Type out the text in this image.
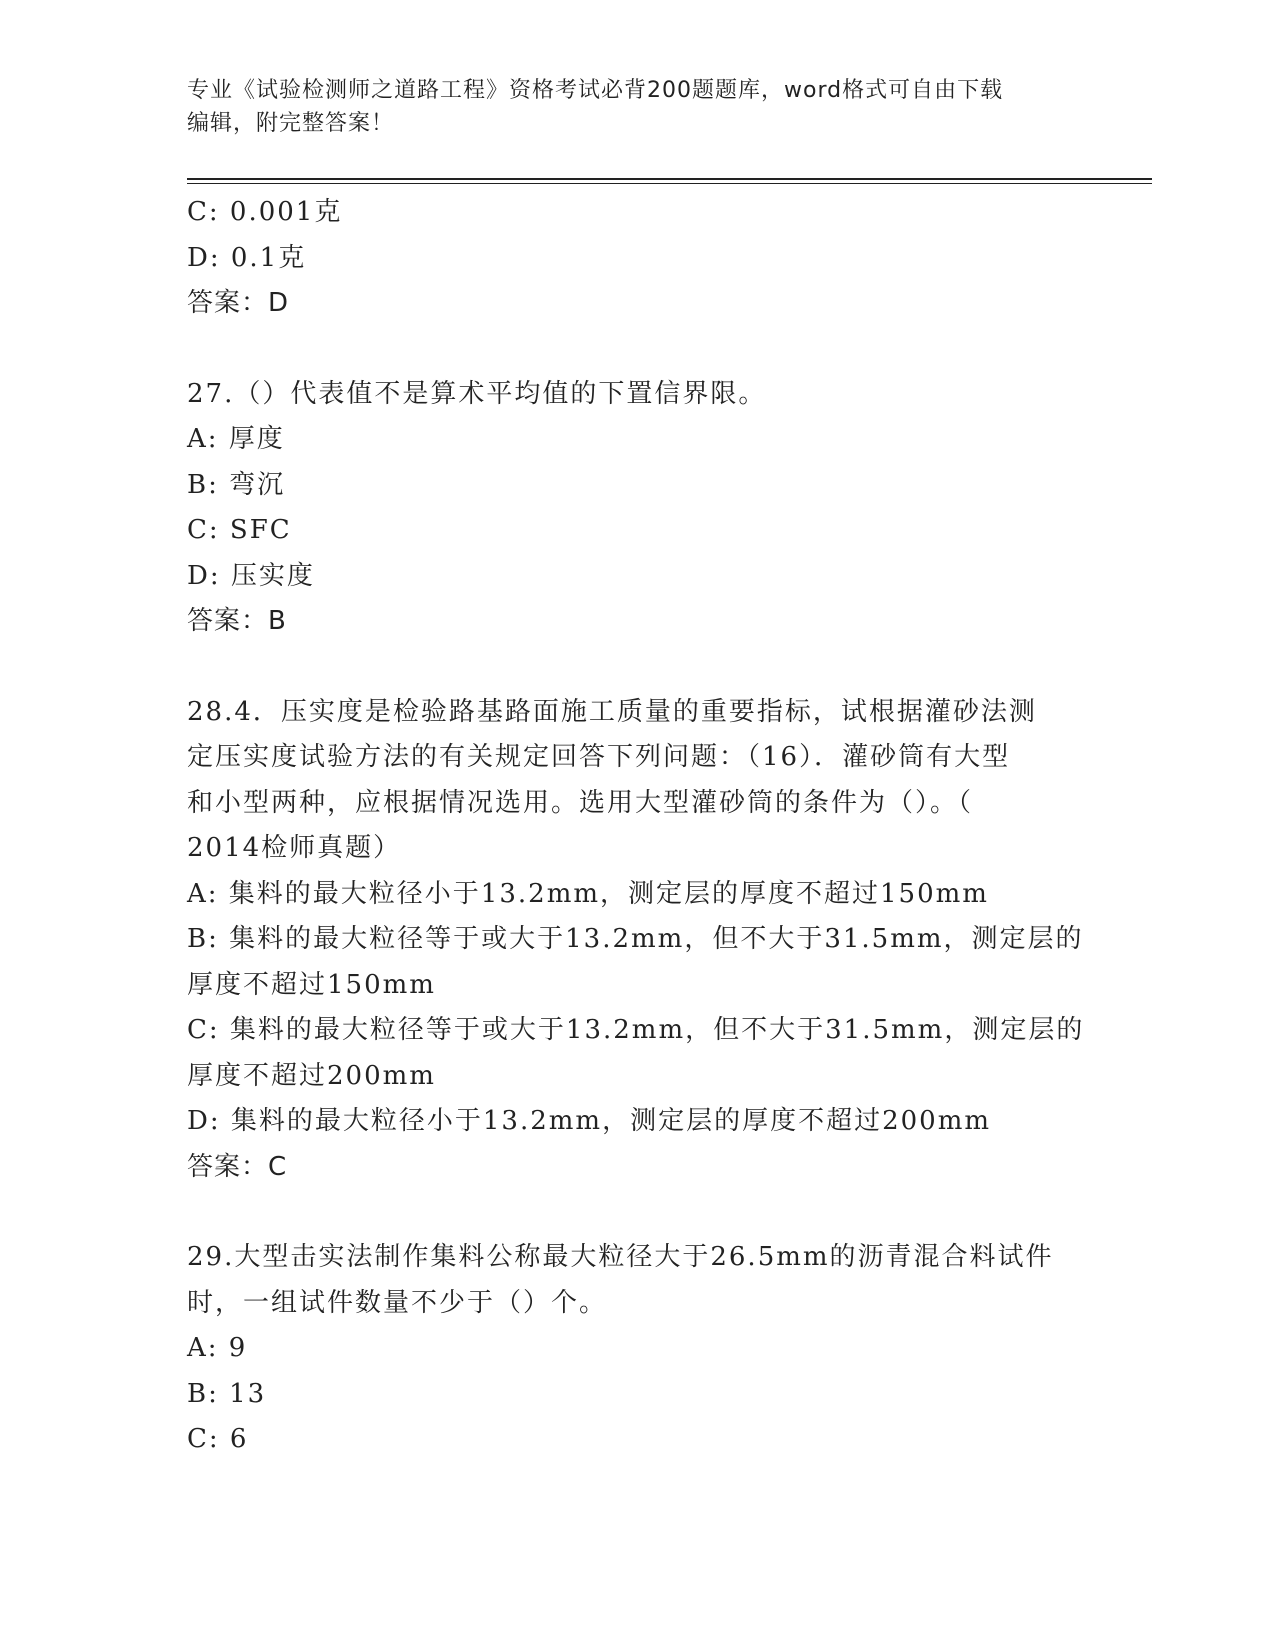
专业《试验检测师之道路工程》资格考试必背200题题库，word格式可自由下载
编辑，附完整答案！
C: 0.001克
D: 0.1克
答案：D
27.（）代表值不是算术平均值的下置信界限。
A: 厚度
B: 弯沉
C: SFC
D: 压实度
答案：B
28.4．压实度是检验路基路面施工质量的重要指标，试根据灌砂法测
定压实度试验方法的有关规定回答下列问题：（16）．灌砂筒有大型
和小型两种，应根据情况选用。选用大型灌砂筒的条件为（）。（
2014检师真题）
A: 集料的最大粒径小于13.2mm，测定层的厚度不超过150mm
B: 集料的最大粒径等于或大于13.2mm，但不大于31.5mm，测定层的
厚度不超过150mm
C: 集料的最大粒径等于或大于13.2mm，但不大于31.5mm，测定层的
厚度不超过200mm
D: 集料的最大粒径小于13.2mm，测定层的厚度不超过200mm
答案：C
29.大型击实法制作集料公称最大粒径大于26.5mm的沥青混合料试件
时，一组试件数量不少于（）个。
A: 9
B: 13
C: 6
